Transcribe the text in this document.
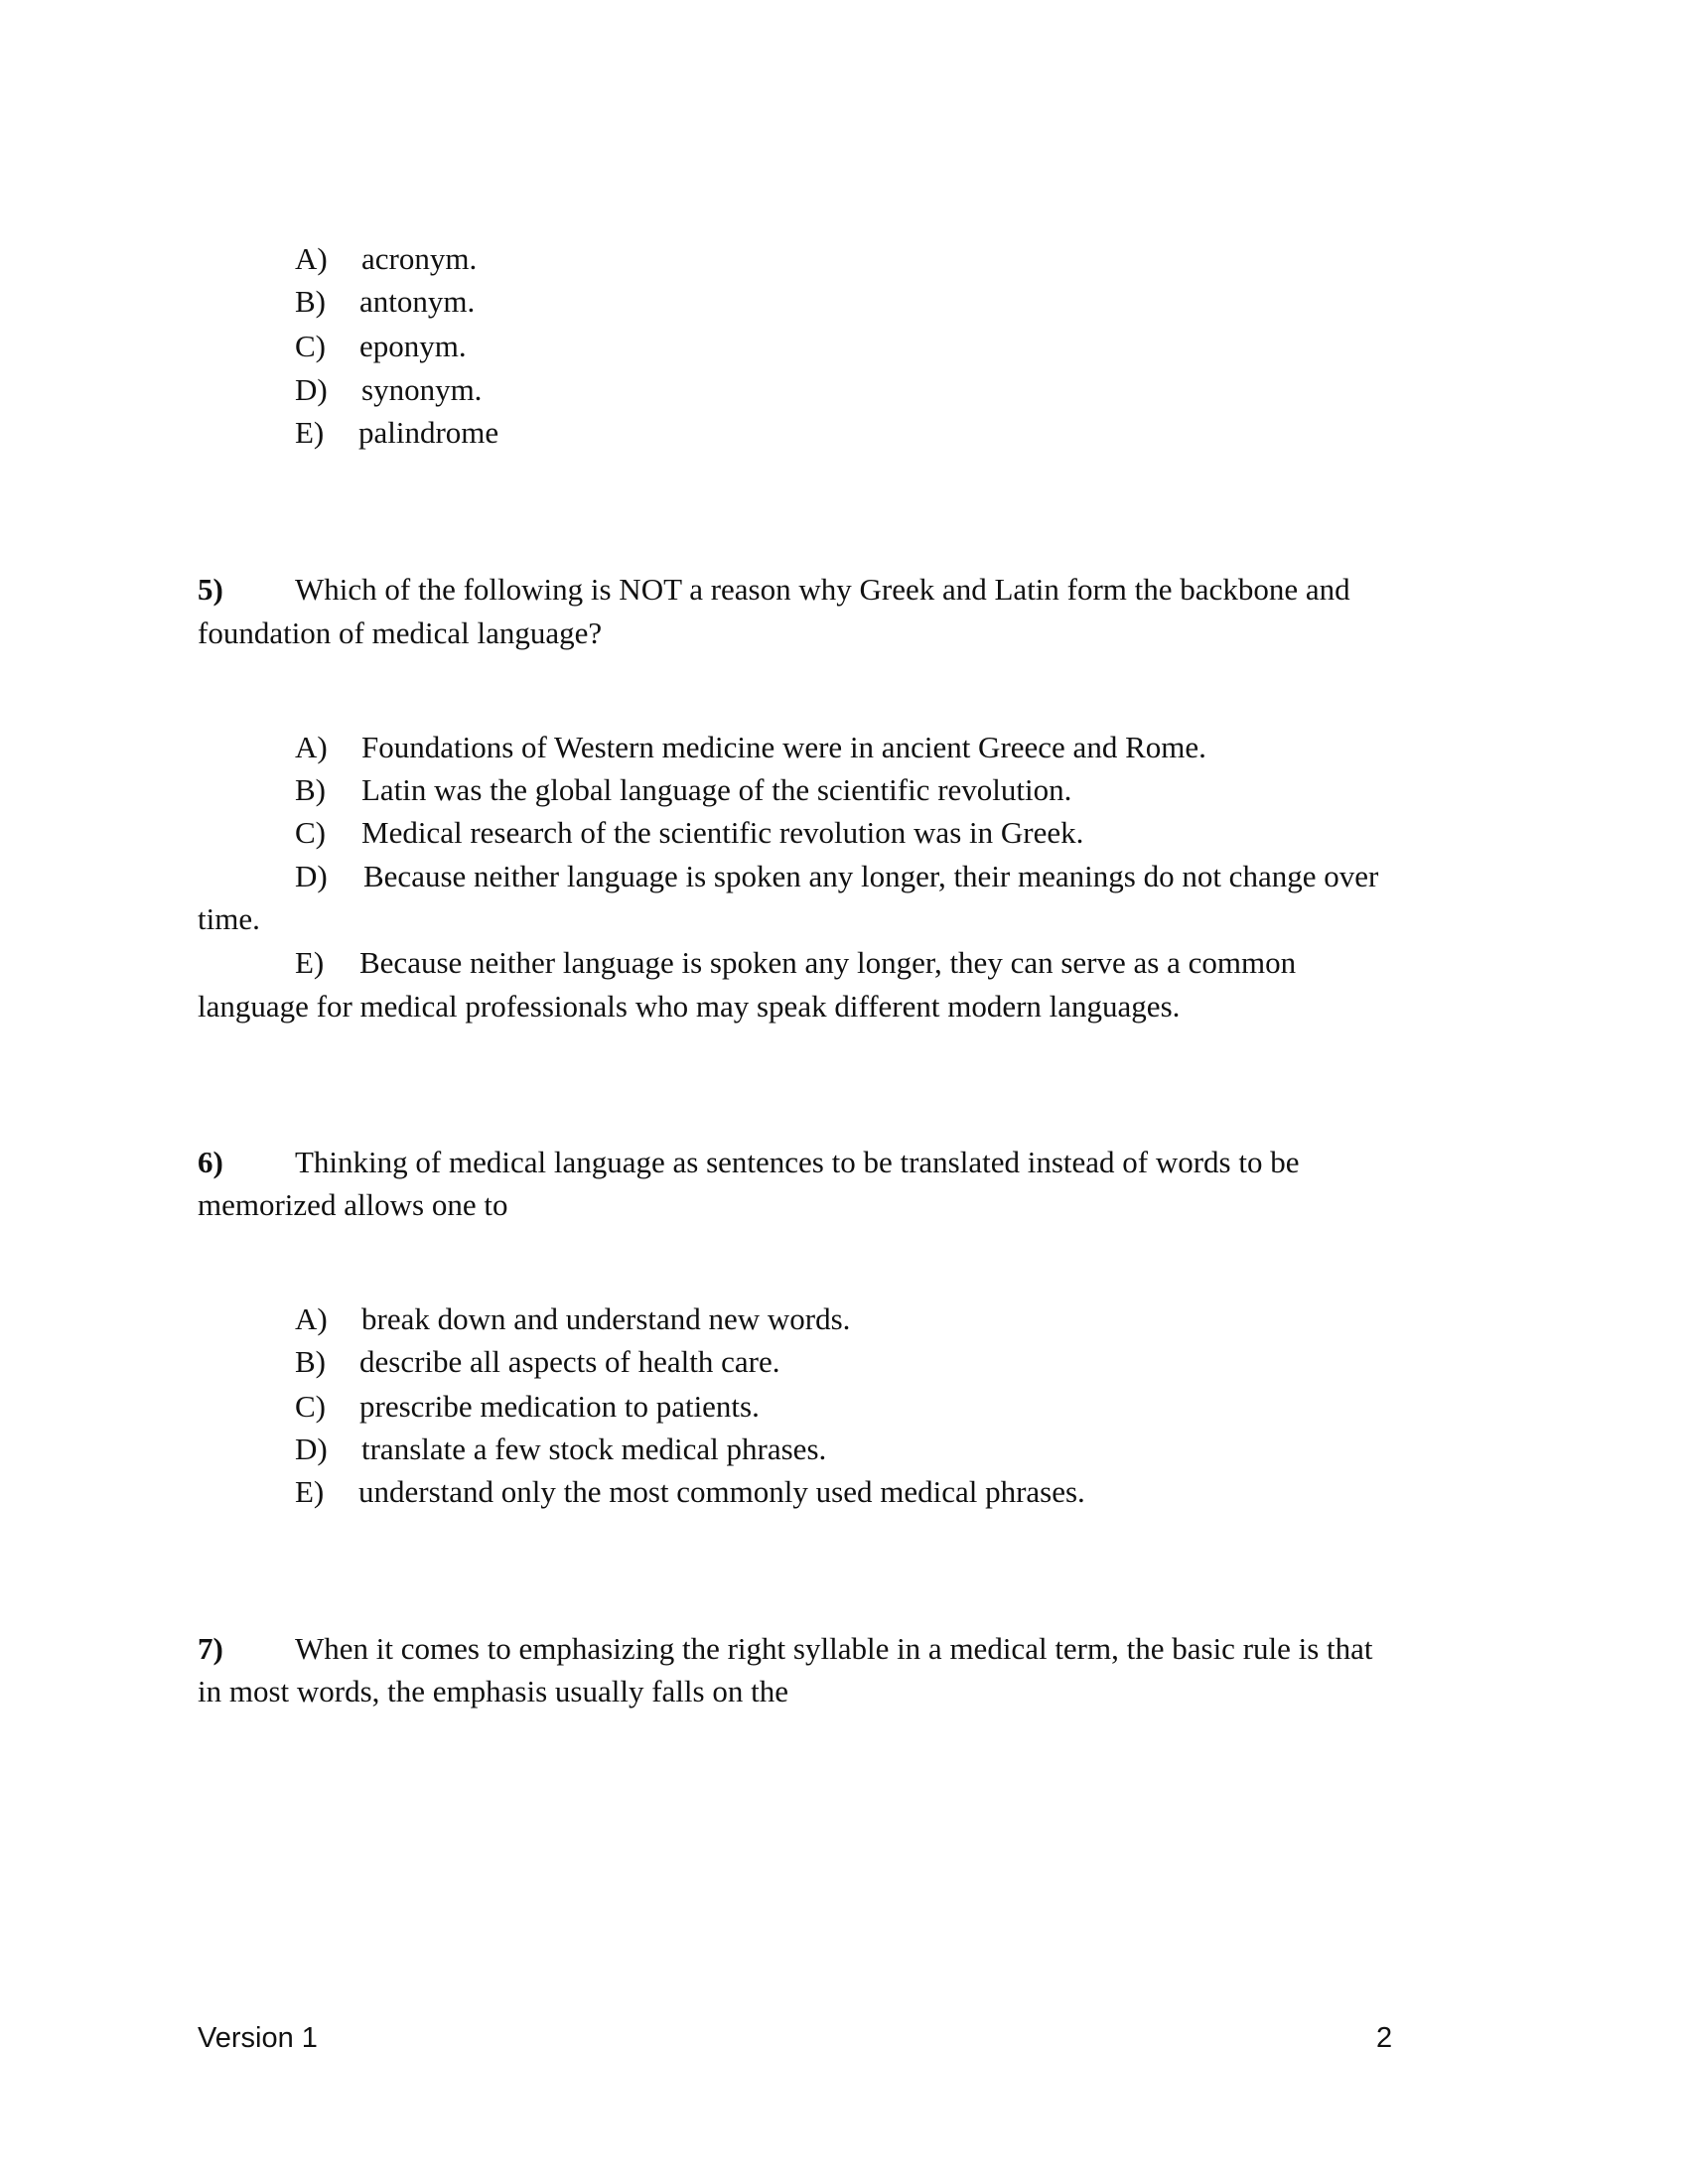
A) acronym.
B) antonym.
C) eponym.
D) synonym.
E) palindrome
5) Which of the following is NOT a reason why Greek and Latin form the backbone and
foundation of medical language?
A) Foundations of Western medicine were in ancient Greece and Rome.
B) Latin was the global language of the scientific revolution.
C) Medical research of the scientific revolution was in Greek.
D) Because neither language is spoken any longer, their meanings do not change over
time.
E) Because neither language is spoken any longer, they can serve as a common
language for medical professionals who may speak different modern languages.
6) Thinking of medical language as sentences to be translated instead of words to be
memorized allows one to
A) break down and understand new words.
B) describe all aspects of health care.
C) prescribe medication to patients.
D) translate a few stock medical phrases.
E) understand only the most commonly used medical phrases.
7) When it comes to emphasizing the right syllable in a medical term, the basic rule is that
in most words, the emphasis usually falls on the
Version 1	2
